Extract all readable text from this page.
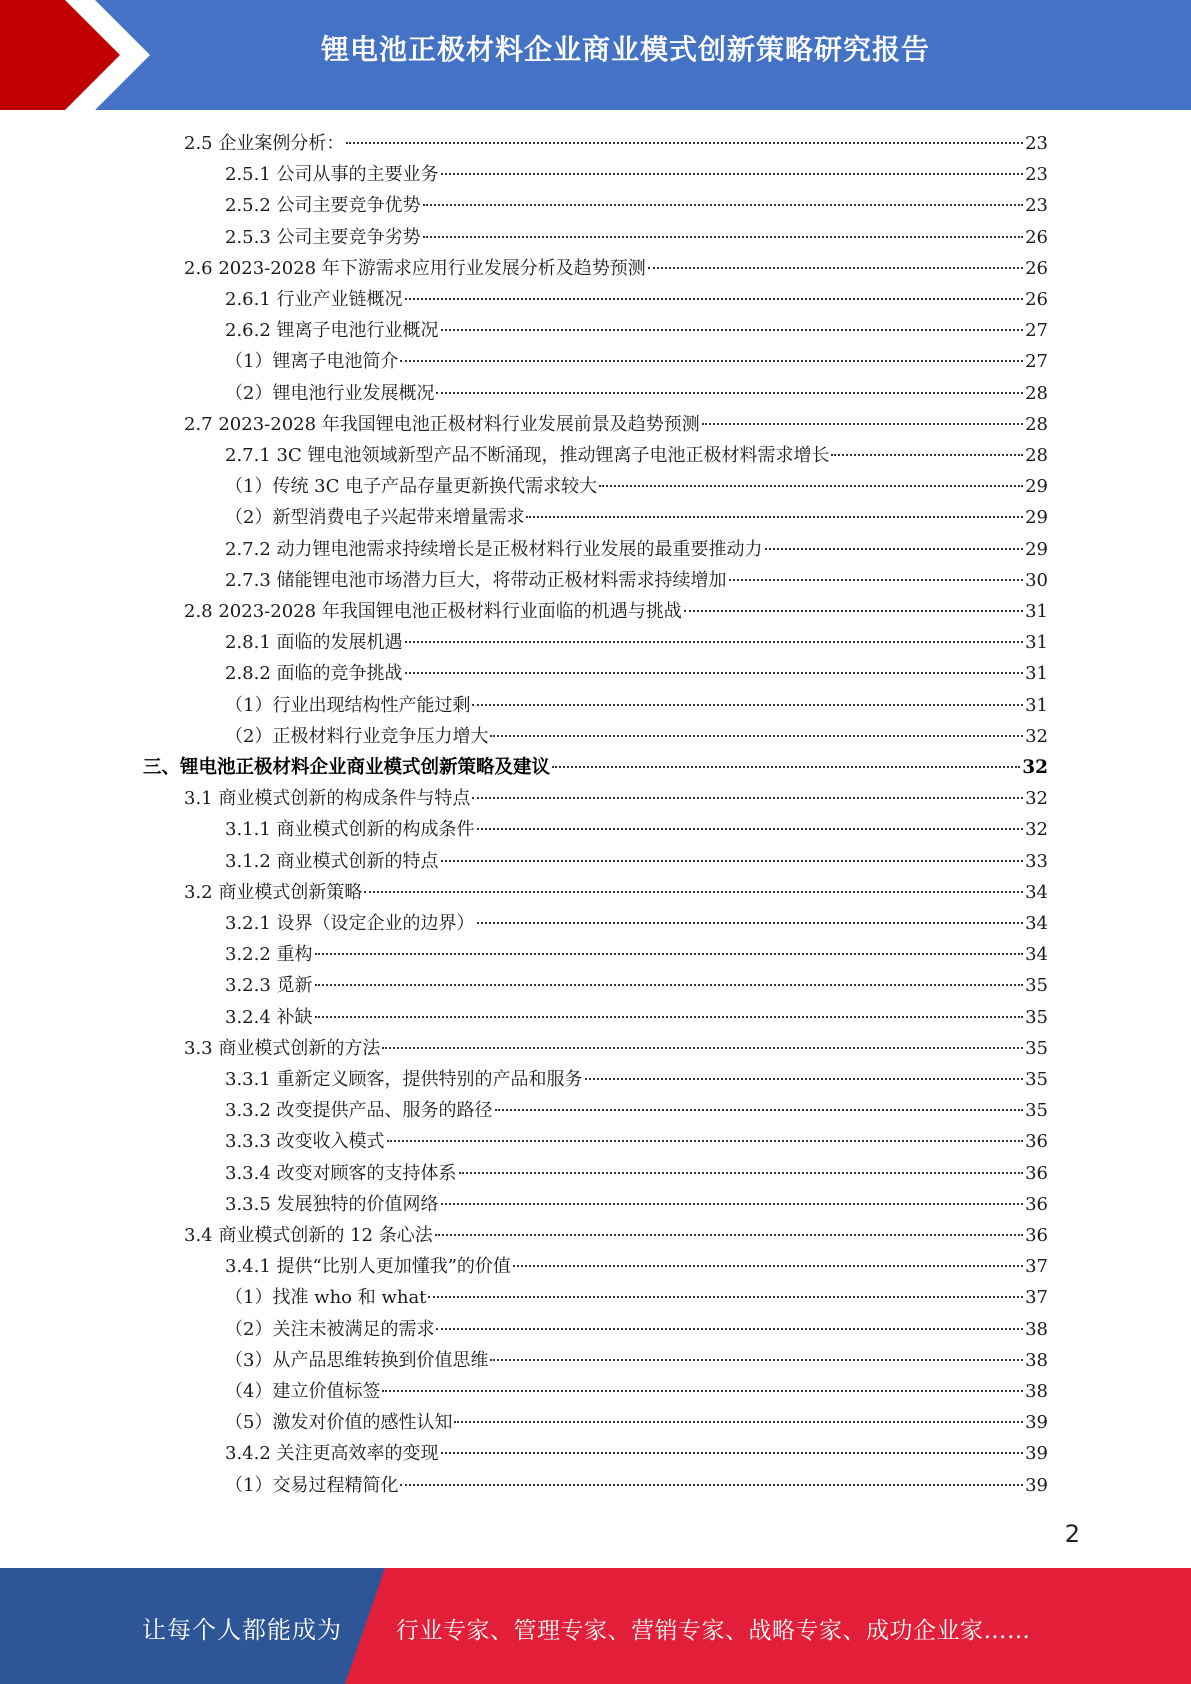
锂电池正极材料企业商业模式创新策略研究报告
2.5 企业案例分析：	23
2.5.1 公司从事的主要业务	23
2.5.2 公司主要竞争优势	23
2.5.3 公司主要竞争劣势	26
2.6 2023-2028 年下游需求应用行业发展分析及趋势预测	26
2.6.1 行业产业链概况	26
2.6.2 锂离子电池行业概况	27
（1）锂离子电池简介	27
（2）锂电池行业发展概况	28
2.7 2023-2028 年我国锂电池正极材料行业发展前景及趋势预测	28
2.7.1 3C 锂电池领域新型产品不断涌现，推动锂离子电池正极材料需求增长	28
（1）传统 3C 电子产品存量更新换代需求较大	29
（2）新型消费电子兴起带来增量需求	29
2.7.2 动力锂电池需求持续增长是正极材料行业发展的最重要推动力	29
2.7.3 储能锂电池市场潜力巨大，将带动正极材料需求持续增加	30
2.8 2023-2028 年我国锂电池正极材料行业面临的机遇与挑战	31
2.8.1 面临的发展机遇	31
2.8.2 面临的竞争挑战	31
（1）行业出现结构性产能过剩	31
（2）正极材料行业竞争压力增大	32
三、锂电池正极材料企业商业模式创新策略及建议	32
3.1 商业模式创新的构成条件与特点	32
3.1.1 商业模式创新的构成条件	32
3.1.2 商业模式创新的特点	33
3.2 商业模式创新策略	34
3.2.1 设界（设定企业的边界）	34
3.2.2 重构	34
3.2.3 觅新	35
3.2.4 补缺	35
3.3 商业模式创新的方法	35
3.3.1 重新定义顾客，提供特别的产品和服务	35
3.3.2 改变提供产品、服务的路径	35
3.3.3 改变收入模式	36
3.3.4 改变对顾客的支持体系	36
3.3.5 发展独特的价值网络	36
3.4 商业模式创新的 12 条心法	36
3.4.1 提供“比别人更加懂我”的价值	37
（1）找准 who 和 what	37
（2）关注未被满足的需求	38
（3）从产品思维转换到价值思维	38
（4）建立价值标签	38
（5）激发对价值的感性认知	39
3.4.2 关注更高效率的变现	39
（1）交易过程精简化	39
2
让每个人都能成为 行业专家、管理专家、营销专家、战略专家、成功企业家……
